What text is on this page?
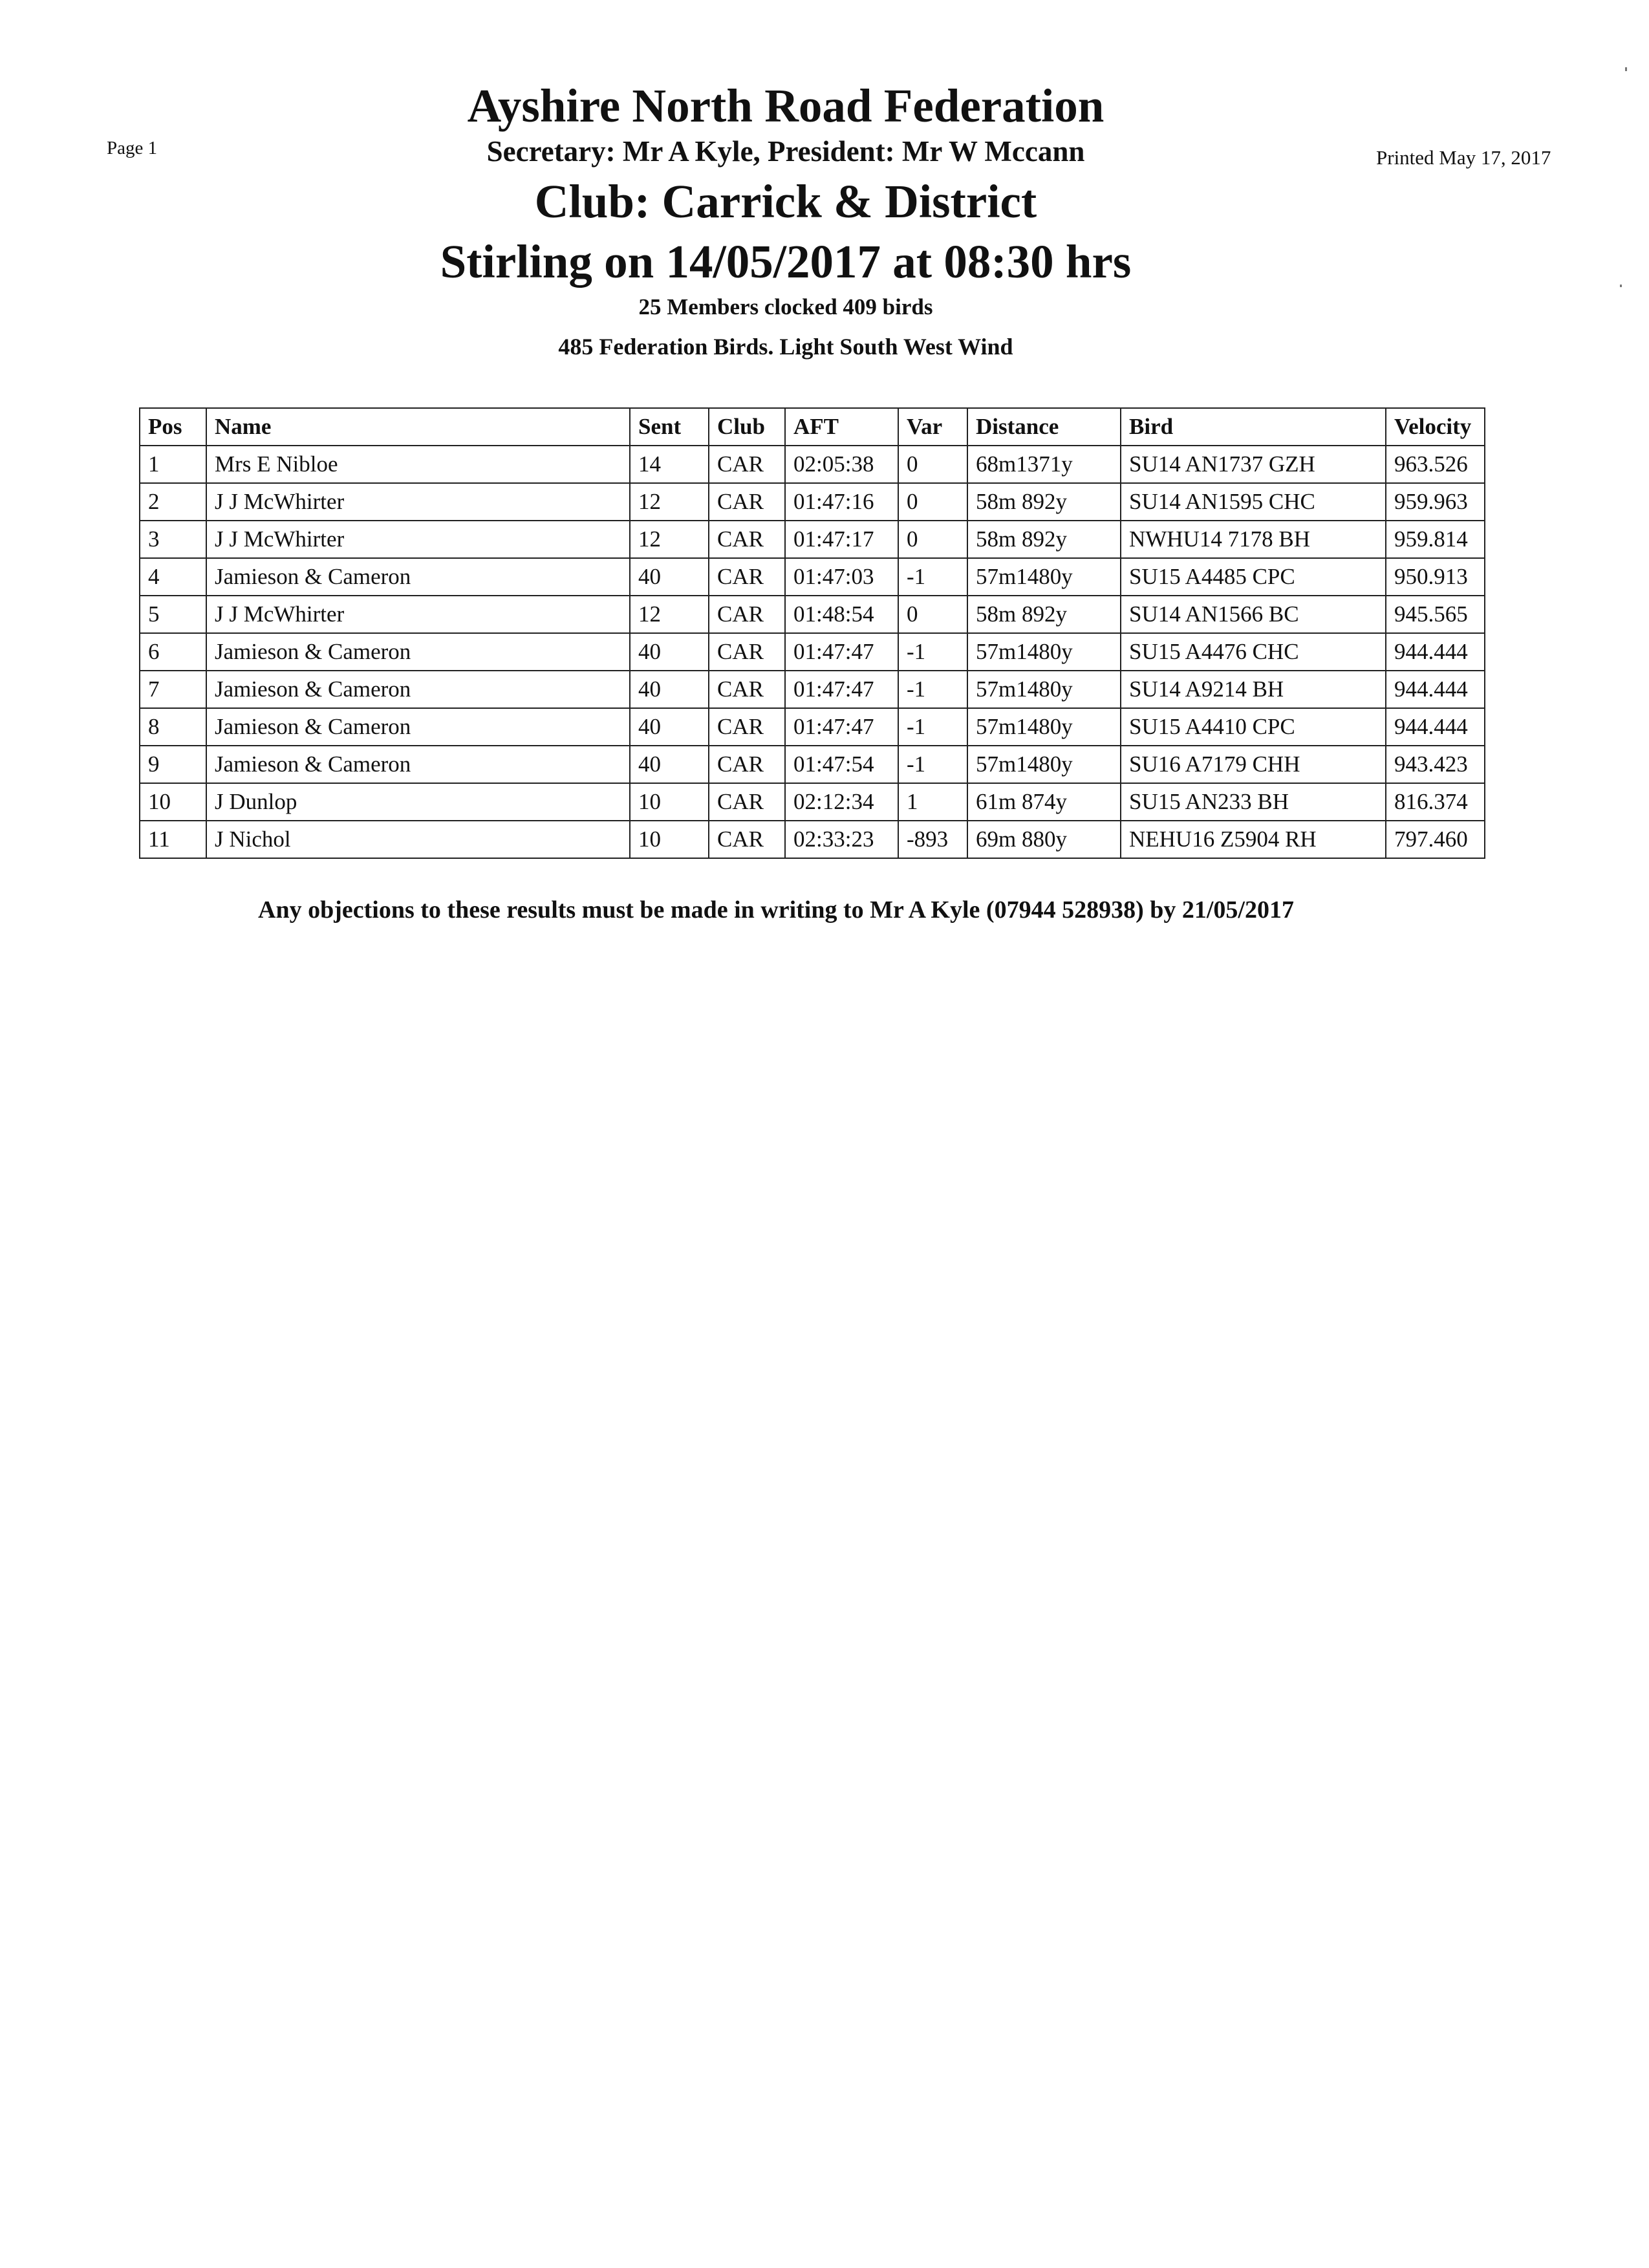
Page 1	Printed May 17, 2017
Ayshire North Road Federation
Secretary: Mr A Kyle, President: Mr W Mccann
Club: Carrick & District
Stirling on 14/05/2017 at 08:30 hrs
25 Members clocked 409 birds
485 Federation Birds. Light South West Wind
Pos	Name	Sent	Club	AFT	Var	Distance	Bird	Velocity
1	Mrs E Nibloe	14	CAR	02:05:38	0	68m1371y	SU14 AN1737 GZH	963.526
2	J J McWhirter	12	CAR	01:47:16	0	58m 892y	SU14 AN1595 CHC	959.963
3	J J McWhirter	12	CAR	01:47:17	0	58m 892y	NWHU14 7178 BH	959.814
4	Jamieson & Cameron	40	CAR	01:47:03	-1	57m1480y	SU15 A4485 CPC	950.913
5	J J McWhirter	12	CAR	01:48:54	0	58m 892y	SU14 AN1566 BC	945.565
6	Jamieson & Cameron	40	CAR	01:47:47	-1	57m1480y	SU15 A4476 CHC	944.444
7	Jamieson & Cameron	40	CAR	01:47:47	-1	57m1480y	SU14 A9214 BH	944.444
8	Jamieson & Cameron	40	CAR	01:47:47	-1	57m1480y	SU15 A4410 CPC	944.444
9	Jamieson & Cameron	40	CAR	01:47:54	-1	57m1480y	SU16 A7179 CHH	943.423
10	J Dunlop	10	CAR	02:12:34	1	61m 874y	SU15 AN233 BH	816.374
11	J Nichol	10	CAR	02:33:23	-893	69m 880y	NEHU16 Z5904 RH	797.460
Any objections to these results must be made in writing to Mr A Kyle (07944 528938) by 21/05/2017
